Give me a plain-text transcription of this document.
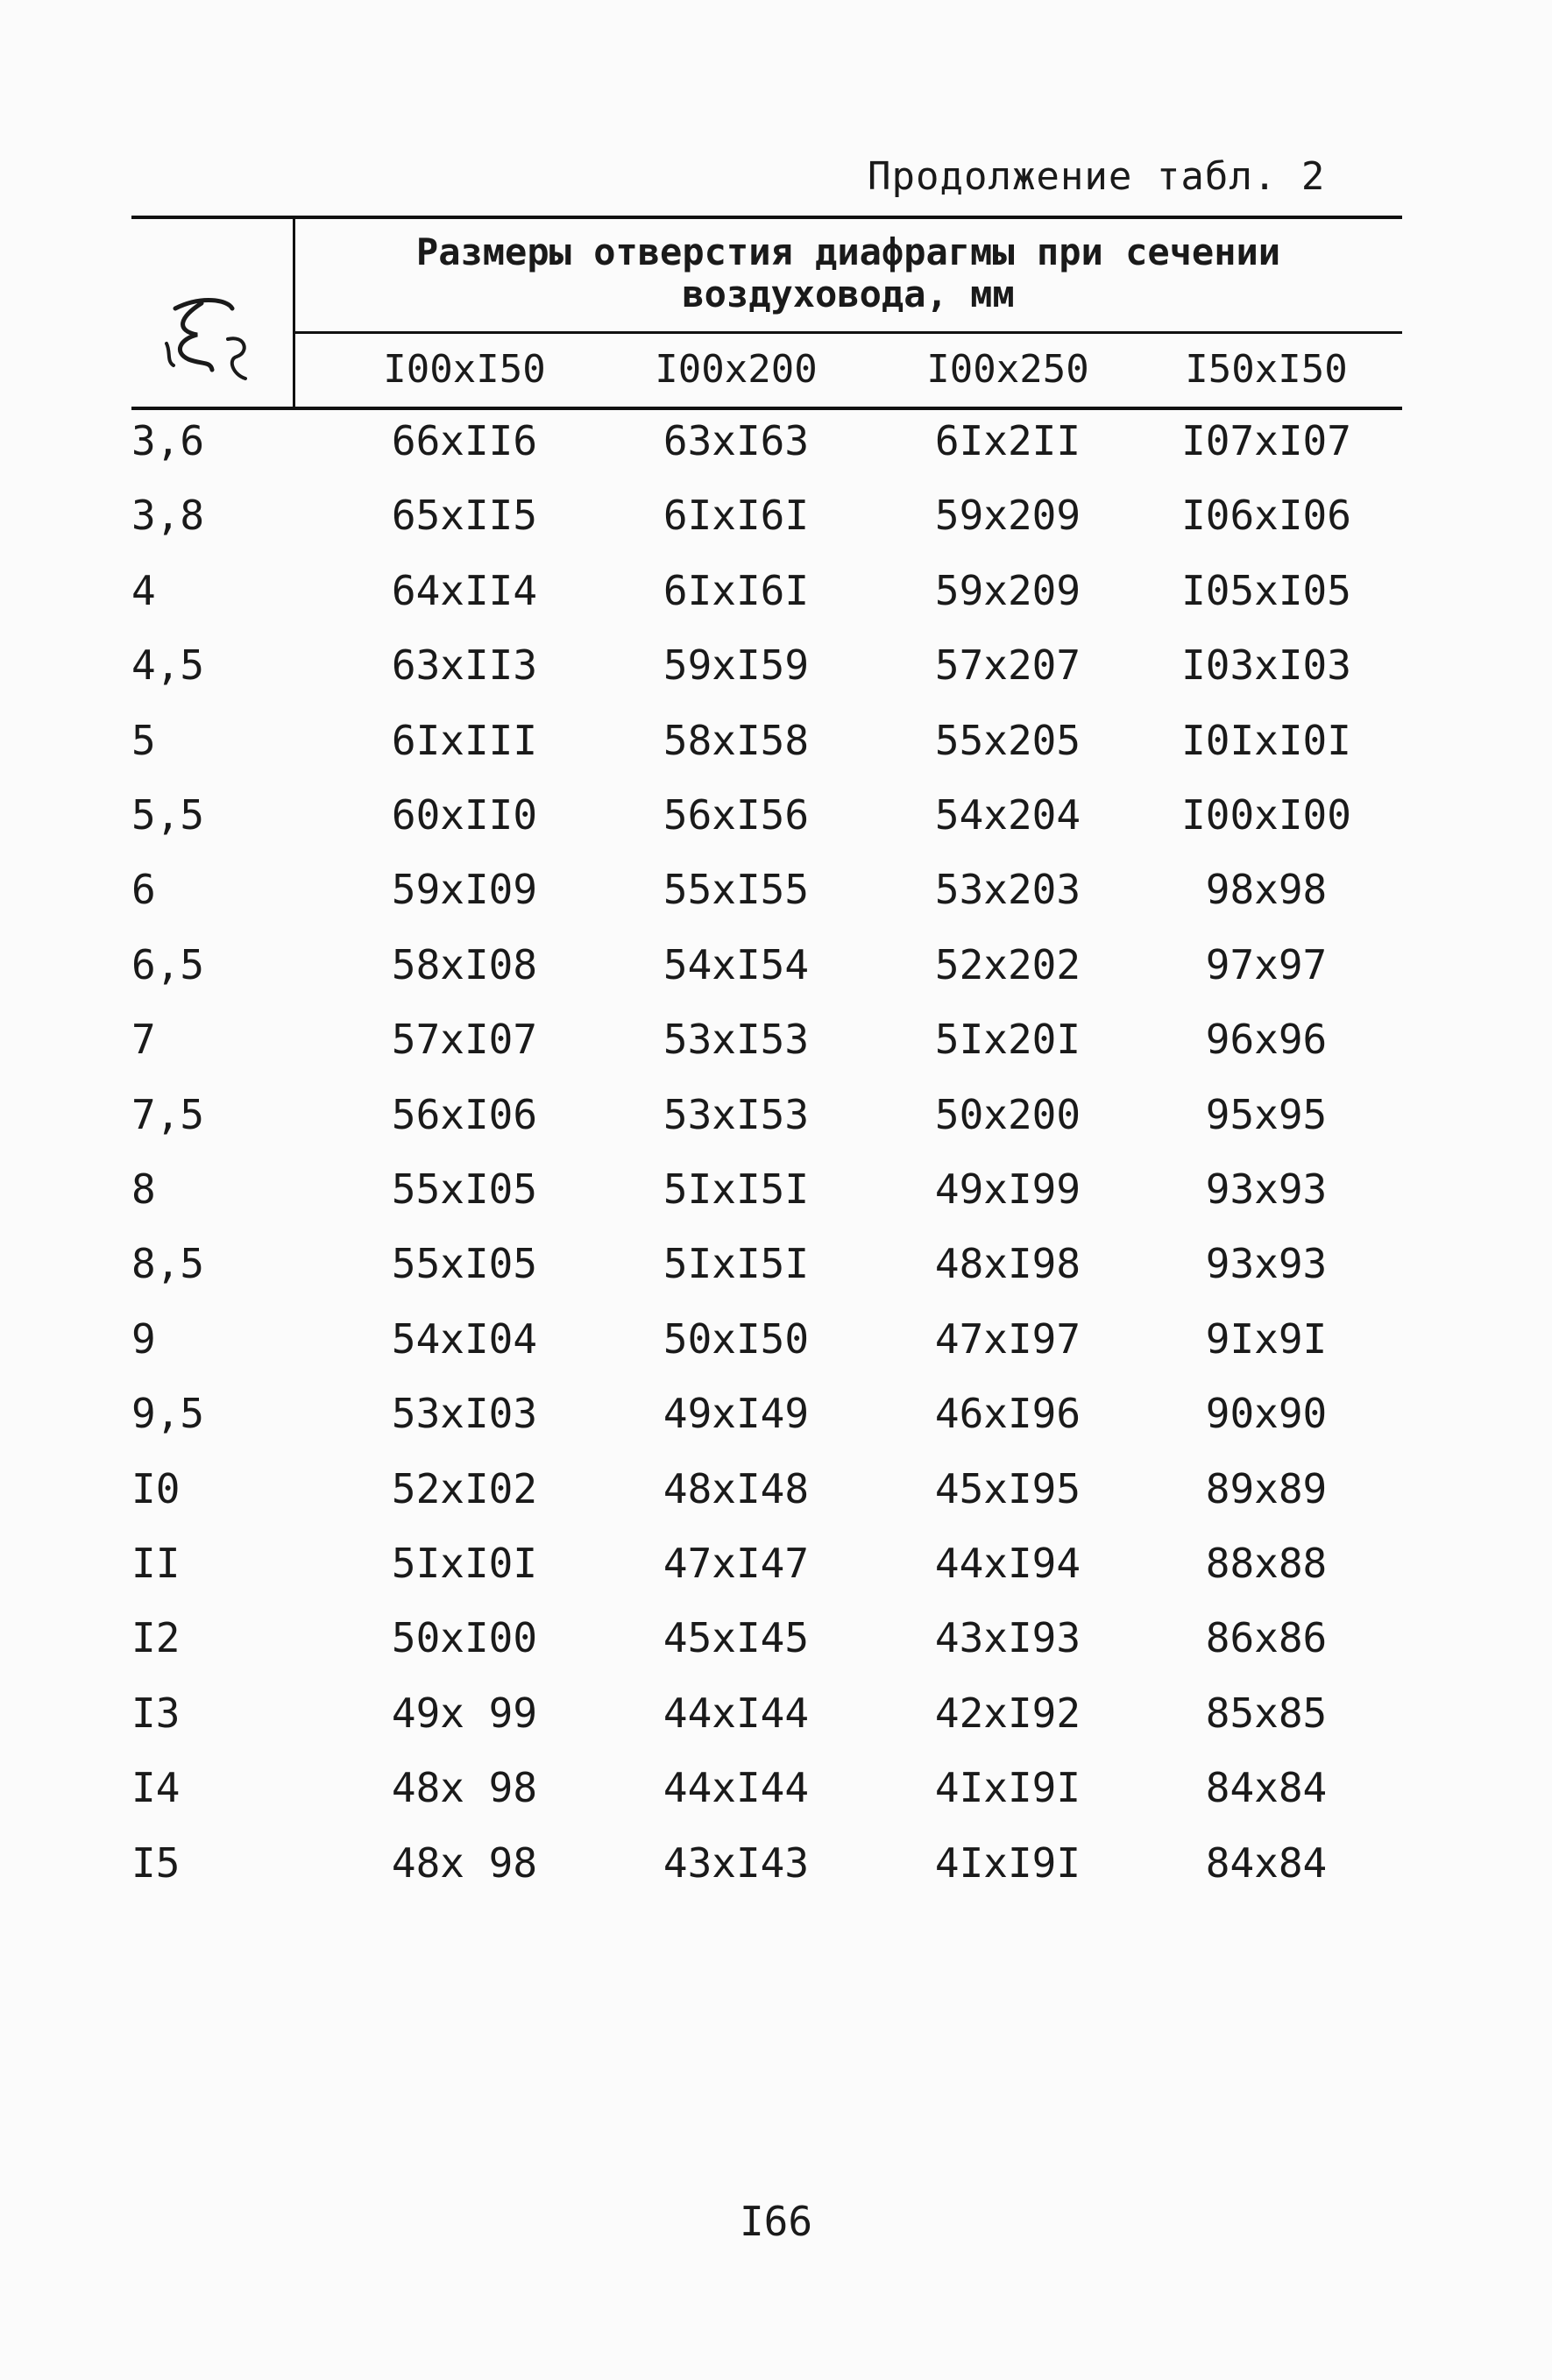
Продолжение табл. 2
Размеры отверстия диафрагмы при сечении
воздуховода, мм
I00xI50	I00x200	I00x250	I50xI50
3,6	66xII6	63xI63	6Ix2II	I07xI07
3,8	65xII5	6IxI6I	59x209	I06xI06
4	64xII4	6IxI6I	59x209	I05xI05
4,5	63xII3	59xI59	57x207	I03xI03
5	6IxIII	58xI58	55x205	I0IxI0I
5,5	60xII0	56xI56	54x204	I00xI00
6	59xI09	55xI55	53x203	98x98
6,5	58xI08	54xI54	52x202	97x97
7	57xI07	53xI53	5Ix20I	96x96
7,5	56xI06	53xI53	50x200	95x95
8	55xI05	5IxI5I	49xI99	93x93
8,5	55xI05	5IxI5I	48xI98	93x93
9	54xI04	50xI50	47xI97	9Ix9I
9,5	53xI03	49xI49	46xI96	90x90
I0	52xI02	48xI48	45xI95	89x89
II	5IxI0I	47xI47	44xI94	88x88
I2	50xI00	45xI45	43xI93	86x86
I3	49x 99	44xI44	42xI92	85x85
I4	48x 98	44xI44	4IxI9I	84x84
I5	48x 98	43xI43	4IxI9I	84x84
I66
